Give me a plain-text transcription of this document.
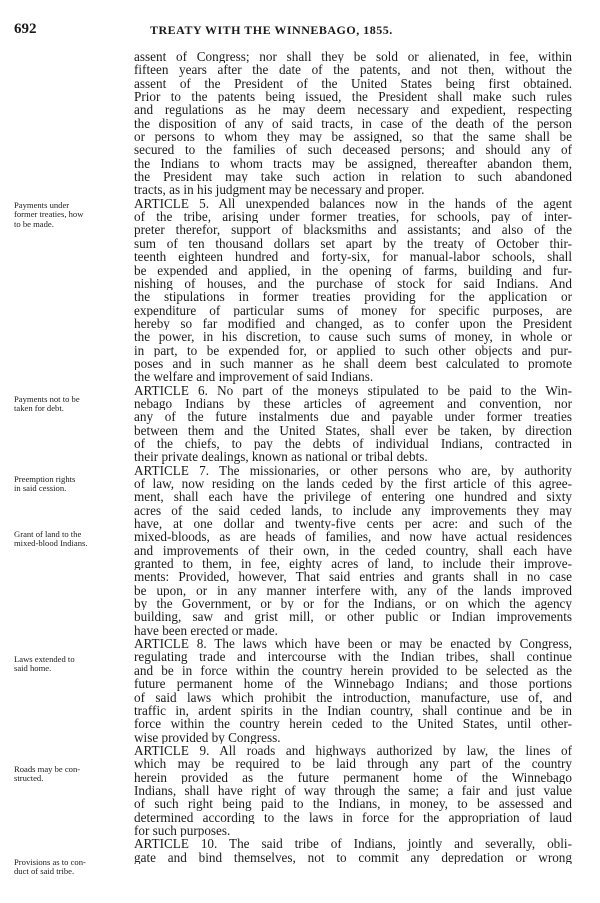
692	TREATY WITH THE WINNEBAGO, 1855.
assent of Congress; nor shall they be sold or alienated, in fee, within
fifteen years after the date of the patents, and not then, without the
assent of the President of the United States being first obtained.
Prior to the patents being issued, the President shall make such rules
and regulations as he may deem necessary and expedient, respecting
the disposition of any of said tracts, in case of the death of the person
or persons to whom they may be assigned, so that the same shall be
secured to the families of such deceased persons; and should any of
the Indians to whom tracts may be assigned, thereafter abandon them,
the President may take such action in relation to such abandoned
tracts, as in his judgment may be necessary and proper.
ARTICLE 5. All unexpended balances now in the hands of the agent
of the tribe, arising under former treaties, for schools, pay of inter-
preter therefor, support of blacksmiths and assistants; and also of the
sum of ten thousand dollars set apart by the treaty of October thir-
teenth eighteen hundred and forty-six, for manual-labor schools, shall
be expended and applied, in the opening of farms, building and fur-
nishing of houses, and the purchase of stock for said Indians. And
the stipulations in former treaties providing for the application or
expenditure of particular sums of money for specific purposes, are
hereby so far modified and changed, as to confer upon the President
the power, in his discretion, to cause such sums of money, in whole or
in part, to be expended for, or applied to such other objects and pur-
poses and in such manner as he shall deem best calculated to promote
the welfare and improvement of said Indians.
ARTICLE 6. No part of the moneys stipulated to be paid to the Win-
nebago Indians by these articles of agreement and convention, nor
any of the future instalments due and payable under former treaties
between them and the United States, shall ever be taken, by direction
of the chiefs, to pay the debts of individual Indians, contracted in
their private dealings, known as national or tribal debts.
ARTICLE 7. The missionaries, or other persons who are, by authority
of law, now residing on the lands ceded by the first article of this agree-
ment, shall each have the privilege of entering one hundred and sixty
acres of the said ceded lands, to include any improvements they may
have, at one dollar and twenty-five cents per acre: and such of the
mixed-bloods, as are heads of families, and now have actual residences
and improvements of their own, in the ceded country, shall each have
granted to them, in fee, eighty acres of land, to include their improve-
ments: Provided, however, That said entries and grants shall in no case
be upon, or in any manner interfere with, any of the lands improved
by the Government, or by or for the Indians, or on which the agency
building, saw and grist mill, or other public or Indian improvements
have been erected or made.
ARTICLE 8. The laws which have been or may be enacted by Congress,
regulating trade and intercourse with the Indian tribes, shall continue
and be in force within the country herein provided to be selected as the
future permanent home of the Winnebago Indians; and those portions
of said laws which prohibit the introduction, manufacture, use of, and
traffic in, ardent spirits in the Indian country, shall continue and be in
force within the country herein ceded to the United States, until other-
wise provided by Congress.
ARTICLE 9. All roads and highways authorized by law, the lines of
which may be required to be laid through any part of the country
herein provided as the future permanent home of the Winnebago
Indians, shall have right of way through the same; a fair and just value
of such right being paid to the Indians, in money, to be assessed and
determined according to the laws in force for the appropriation of laud
for such purposes.
ARTICLE 10. The said tribe of Indians, jointly and severally, obli-
gate and bind themselves, not to commit any depredation or wrong
Payments under
former treaties, how
to be made.
Payments not to be
taken for debt.
Preemption rights
in said cession.
Grant of land to the
mixed-blood Indians.
Laws extended to
said home.
Roads may be con-
structed.
Provisions as to con-
duct of said tribe.
